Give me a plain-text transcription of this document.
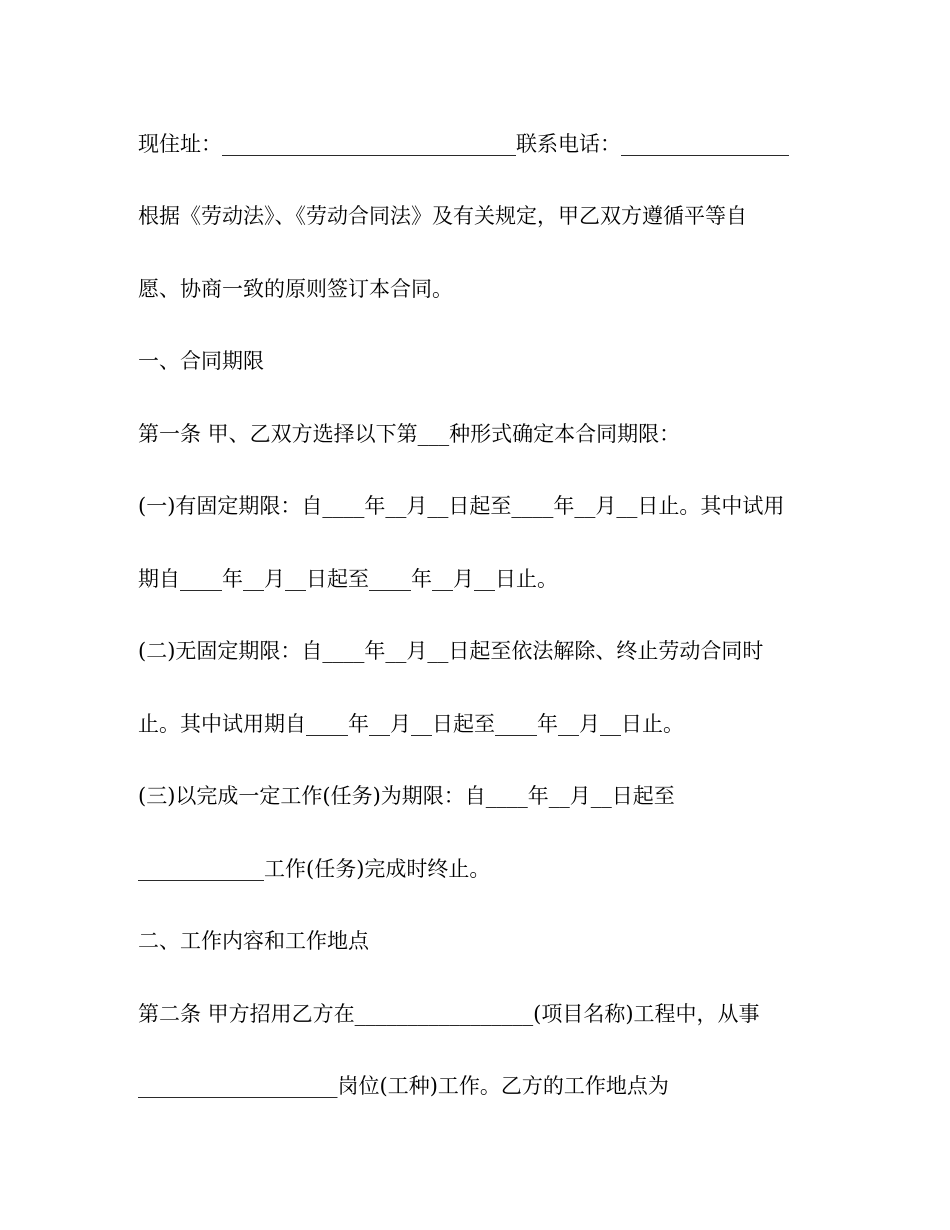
现住址：____________________________联系电话：________________
根据《劳动法》、《劳动合同法》及有关规定，甲乙双方遵循平等自
愿、协商一致的原则签订本合同。
一、合同期限
第一条 甲、乙双方选择以下第___种形式确定本合同期限：
(一)有固定期限：自____年__月__日起至____年__月__日止。其中试用
期自____年__月__日起至____年__月__日止。
(二)无固定期限：自____年__月__日起至依法解除、终止劳动合同时
止。其中试用期自____年__月__日起至____年__月__日止。
(三)以完成一定工作(任务)为期限：自____年__月__日起至
____________工作(任务)完成时终止。
二、工作内容和工作地点
第二条 甲方招用乙方在_________________(项目名称)工程中，从事
___________________岗位(工种)工作。乙方的工作地点为
